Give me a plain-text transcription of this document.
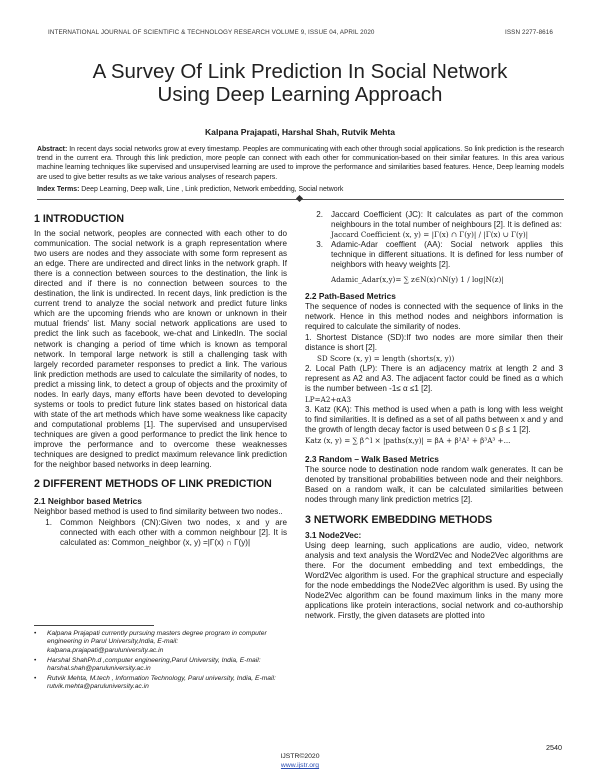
INTERNATIONAL JOURNAL OF SCIENTIFIC & TECHNOLOGY RESEARCH VOLUME 9, ISSUE 04, APRIL 2020	ISSN 2277-8616
A Survey Of Link Prediction In Social Network
Using Deep Learning Approach
Kalpana Prajapati, Harshal Shah, Rutvik Mehta
Abstract: In recent days social networks grow at every timestamp. Peoples are communicating with each other through social applications. So link prediction is the research trend in the current era. Through this link prediction, more people can connect with each other for communication-based on their similar features. In this area various machine learning techniques like supervised and unsupervised learning are used to improve the performance and similarities based features. Hence, Deep learning models are used to give better results as we take various analyses of research papers.
Index Terms: Deep Learning, Deep walk, Line , Link prediction, Network embedding, Social network
1 INTRODUCTION

In the social network, peoples are connected with each other to do communication. The social network is a graph representation where two users are nodes and they associate with some form represent as an edge. There are undirected and direct links in the network graph. If there is a connection between sources to the destination, the link is directed and if there is no connection between sources to the destination, the link is undirected. In recent days, link prediction is the current trend to analyze the social network and predict future links which are the upcoming friends who are known or unknown in their mutual friends' list. Many social network applications are used to predict the link such as facebook, we-chat and LinkedIn. The social network is changing a period of time which is known as temporal network. In temporal large network is still a challenging task with largely recorded parameter responses to predict a link. The various link prediction methods are used to calculate the similarity of nodes, to predict a missing link, to detect a group of objects and the proximity of nodes. In early days, many efforts have been devoted to developing systems or tools to predict future link states based on historical data with state of the art methods which have some weakness like capacity and computational problems [1]. The supervised and unsupervised techniques are given a good performance to predict the link hence to improve the performance and to overcome these weaknesses techniques are designed to predict maximum relevance link prediction for the neighbor based networks in deep learning.

2 DIFFERENT METHODS OF LINK PREDICTION
2.1 Neighbor based Metrics

Neighbor based method is used to find similarity between two nodes..

1. Common Neighbors (CN):Given two nodes, x and y are connected with each other with a common neighbour [2]. It is calculated as: Common_neighbor (x, y) =|Γ(x) ∩ Γ(y)|
•	Kalpana Prajapati currently pursuing masters degree program in computer engineering in Parul University,India, E-mail: kalpana.prajapati@paruluniversity.ac.in
•	Harshal ShahPh.d ,computer engineering,Parul University, India, E-mail: harshal.shah@paruluniversity.ac.in
•	Rutvik Mehta, M.tech , Information Technology, Parul university, India, E-mail: rutvik.mehta@paruluniversity.ac.in
2. Jaccard Coefficient (JC): It calculates as part of the common neighbours in the total number of neighbours [2]. It is defined as:
Jaccard Coefficient (x, y) = |Γ(x) ∩ Γ(y)| / |Γ(x) ∪ Γ(y)|
3. Adamic-Adar coeffient (AA): Social network applies this technique in different situations. It is defined for less number of neighbors with heavy weights [2].
Adamic_Adar(x,y)= ∑ z∈N(x)∩N(y) 1 / log|N(z)|
2.2 Path-Based Metrics

The sequence of nodes is connected with the sequence of links in the network. Hence in this method nodes and neighbors information is required to calculate the similarity of nodes.

1. Shortest Distance (SD):If two nodes are more similar then their distance is short [2].

SD Score (x, y) = length (shorts(x, y))

2. Local Path (LP): There is an adjacency matrix at length 2 and 3 represent as A2 and A3. The adjacent factor could be fined as α which is the number between -1≤ α ≤1 [2].

LP=A2+αA3

3. Katz (KA): This method is used when a path is long with less weight to find similarities. It is defined as a set of all paths between x and y and the growth of length decay factor is used between 0 ≤ β ≤ 1 [2].

Katz (x, y) = ∑ β^l × |paths(x,y)| = βA + β²A² + β³A³ +...
2.3 Random – Walk Based Metrics

The source node to destination node random walk generates. It can be denoted by transitional probabilities between node and their neighbors. Based on a random walk, it can be calculated similarities between nodes through many link prediction metrics [2].

3 NETWORK EMBEDDING METHODS
3.1 Node2Vec:

Using deep learning, such applications are audio, video, network analysis and text analysis the Word2Vec and Node2Vec algorithms are there. For the document embedding and text embeddings, the Word2Vec algorithm is used. For the graphical structure and especially for the node embeddings the Node2Vec algorithm is used. By using the Node2Vec algorithm can be found maximum links in the many more applications like protein interactions, social network and co-authorship network. Firstly, the given datasets are plotted into

2540
IJSTR©2020
www.ijstr.org
